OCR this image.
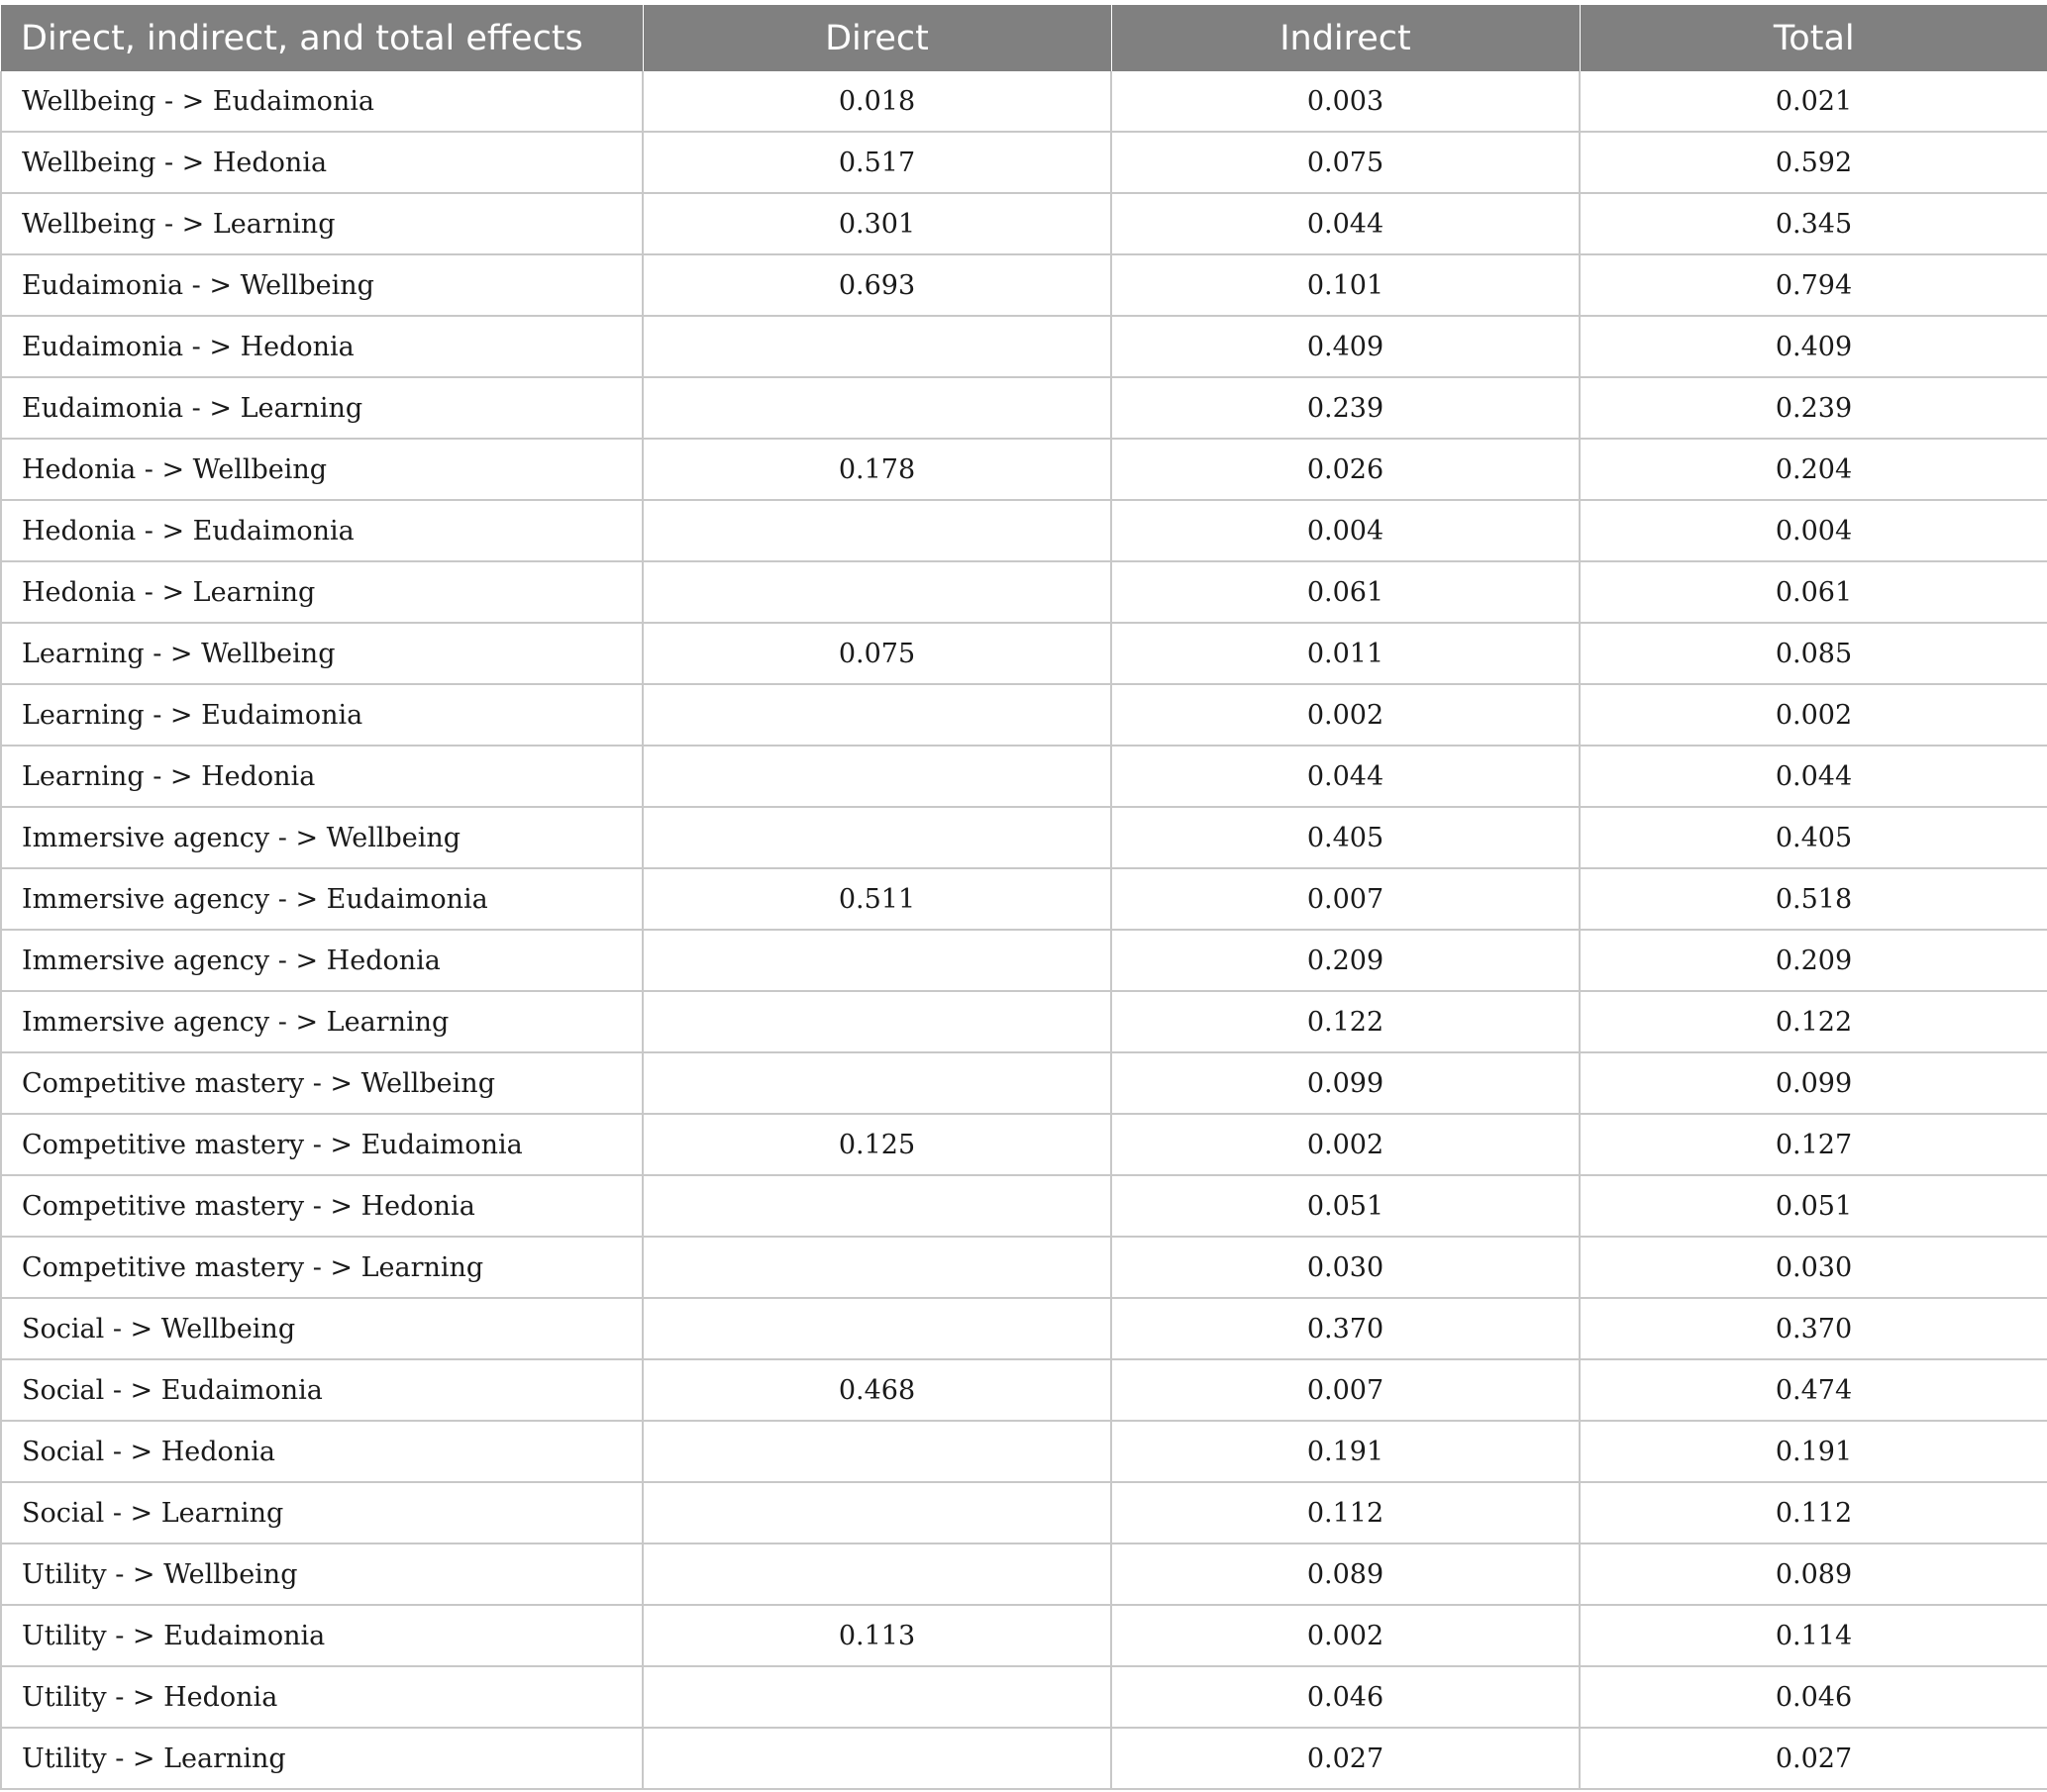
Direct, indirect, and total effects	Direct	Indirect	Total
Wellbeing - > Eudaimonia	0.018	0.003	0.021
Wellbeing - > Hedonia	0.517	0.075	0.592
Wellbeing - > Learning	0.301	0.044	0.345
Eudaimonia - > Wellbeing	0.693	0.101	0.794
Eudaimonia - > Hedonia		0.409	0.409
Eudaimonia - > Learning		0.239	0.239
Hedonia - > Wellbeing	0.178	0.026	0.204
Hedonia - > Eudaimonia		0.004	0.004
Hedonia - > Learning		0.061	0.061
Learning - > Wellbeing	0.075	0.011	0.085
Learning - > Eudaimonia		0.002	0.002
Learning - > Hedonia		0.044	0.044
Immersive agency - > Wellbeing		0.405	0.405
Immersive agency - > Eudaimonia	0.511	0.007	0.518
Immersive agency - > Hedonia		0.209	0.209
Immersive agency - > Learning		0.122	0.122
Competitive mastery - > Wellbeing		0.099	0.099
Competitive mastery - > Eudaimonia	0.125	0.002	0.127
Competitive mastery - > Hedonia		0.051	0.051
Competitive mastery - > Learning		0.030	0.030
Social - > Wellbeing		0.370	0.370
Social - > Eudaimonia	0.468	0.007	0.474
Social - > Hedonia		0.191	0.191
Social - > Learning		0.112	0.112
Utility - > Wellbeing		0.089	0.089
Utility - > Eudaimonia	0.113	0.002	0.114
Utility - > Hedonia		0.046	0.046
Utility - > Learning		0.027	0.027
